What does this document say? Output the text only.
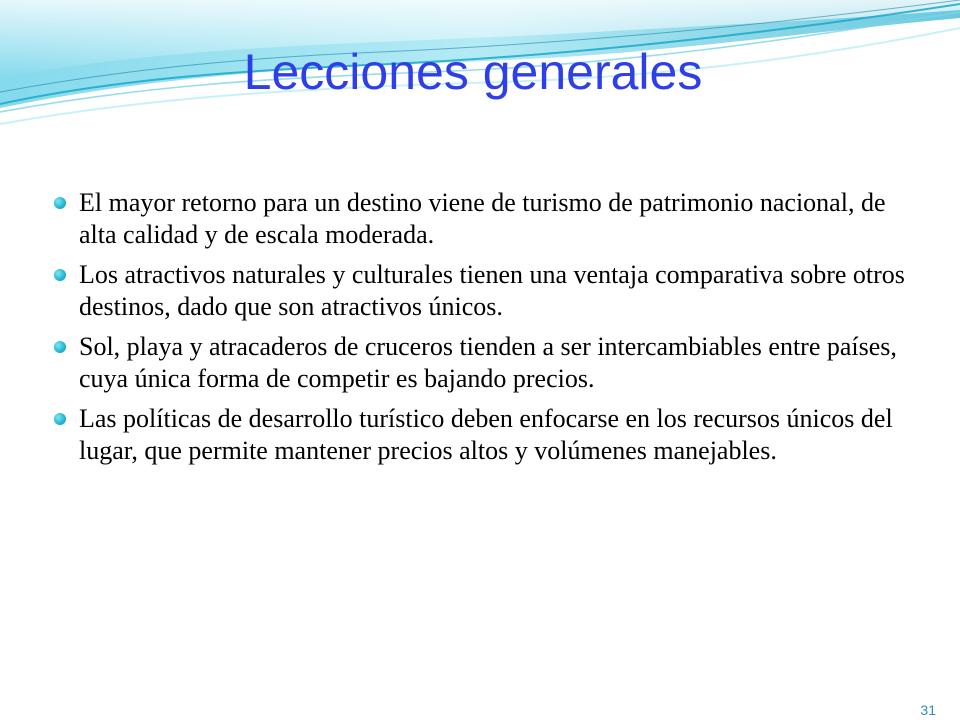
Lecciones generales
El mayor retorno para un destino viene de turismo de patrimonio nacional, de alta calidad y de escala moderada.
Los atractivos naturales y culturales tienen una ventaja comparativa sobre otros destinos, dado que son atractivos únicos.
Sol, playa y atracaderos de cruceros tienden a ser intercambiables entre países, cuya única forma de competir es bajando precios.
Las políticas de desarrollo turístico deben enfocarse en los recursos únicos del lugar, que permite mantener precios altos y volúmenes manejables.
31
